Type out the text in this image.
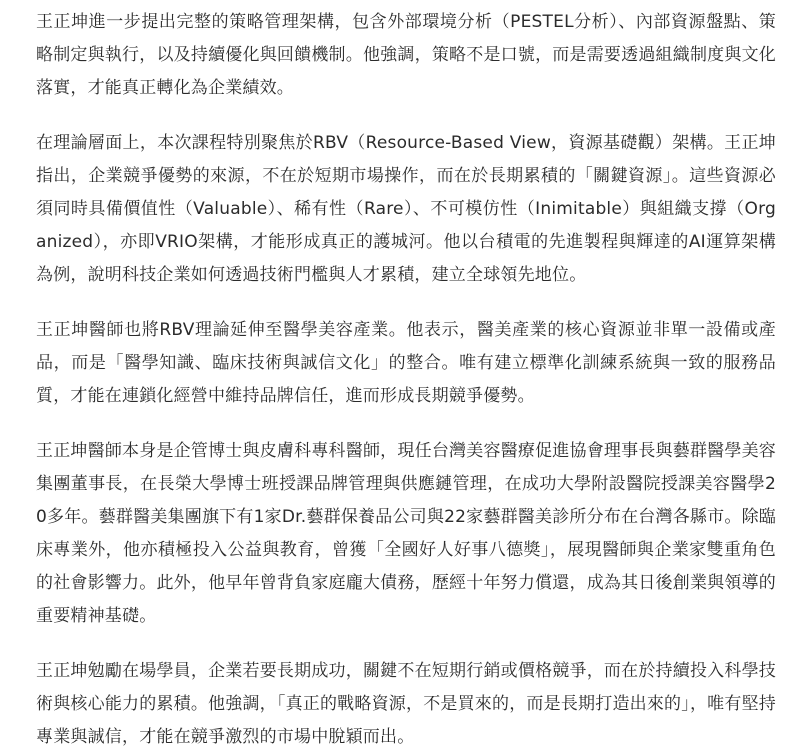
王正坤進一步提出完整的策略管理架構，包含外部環境分析（PESTEL分析）、內部資源盤點、策略制定與執行，以及持續優化與回饋機制。他強調，策略不是口號，而是需要透過組織制度與文化落實，才能真正轉化為企業績效。

在理論層面上，本次課程特別聚焦於RBV（Resource-Based View，資源基礎觀）架構。王正坤指出，企業競爭優勢的來源，不在於短期市場操作，而在於長期累積的「關鍵資源」。這些資源必須同時具備價值性（Valuable）、稀有性（Rare）、不可模仿性（Inimitable）與組織支撐（Organized），亦即VRIO架構，才能形成真正的護城河。他以台積電的先進製程與輝達的AI運算架構為例，說明科技企業如何透過技術門檻與人才累積，建立全球領先地位。

王正坤醫師也將RBV理論延伸至醫學美容產業。他表示，醫美產業的核心資源並非單一設備或產品，而是「醫學知識、臨床技術與誠信文化」的整合。唯有建立標準化訓練系統與一致的服務品質，才能在連鎖化經營中維持品牌信任，進而形成長期競爭優勢。

王正坤醫師本身是企管博士與皮膚科專科醫師，現任台灣美容醫療促進協會理事長與藝群醫學美容集團董事長，在長榮大學博士班授課品牌管理與供應鏈管理，在成功大學附設醫院授課美容醫學20多年。藝群醫美集團旗下有1家Dr.藝群保養品公司與22家藝群醫美診所分布在台灣各縣市。除臨床專業外，他亦積極投入公益與教育，曾獲「全國好人好事八德獎」，展現醫師與企業家雙重角色的社會影響力。此外，他早年曾背負家庭龐大債務，歷經十年努力償還，成為其日後創業與領導的重要精神基礎。

王正坤勉勵在場學員，企業若要長期成功，關鍵不在短期行銷或價格競爭，而在於持續投入科學技術與核心能力的累積。他強調，「真正的戰略資源，不是買來的，而是長期打造出來的」，唯有堅持專業與誠信，才能在競爭激烈的市場中脫穎而出。
